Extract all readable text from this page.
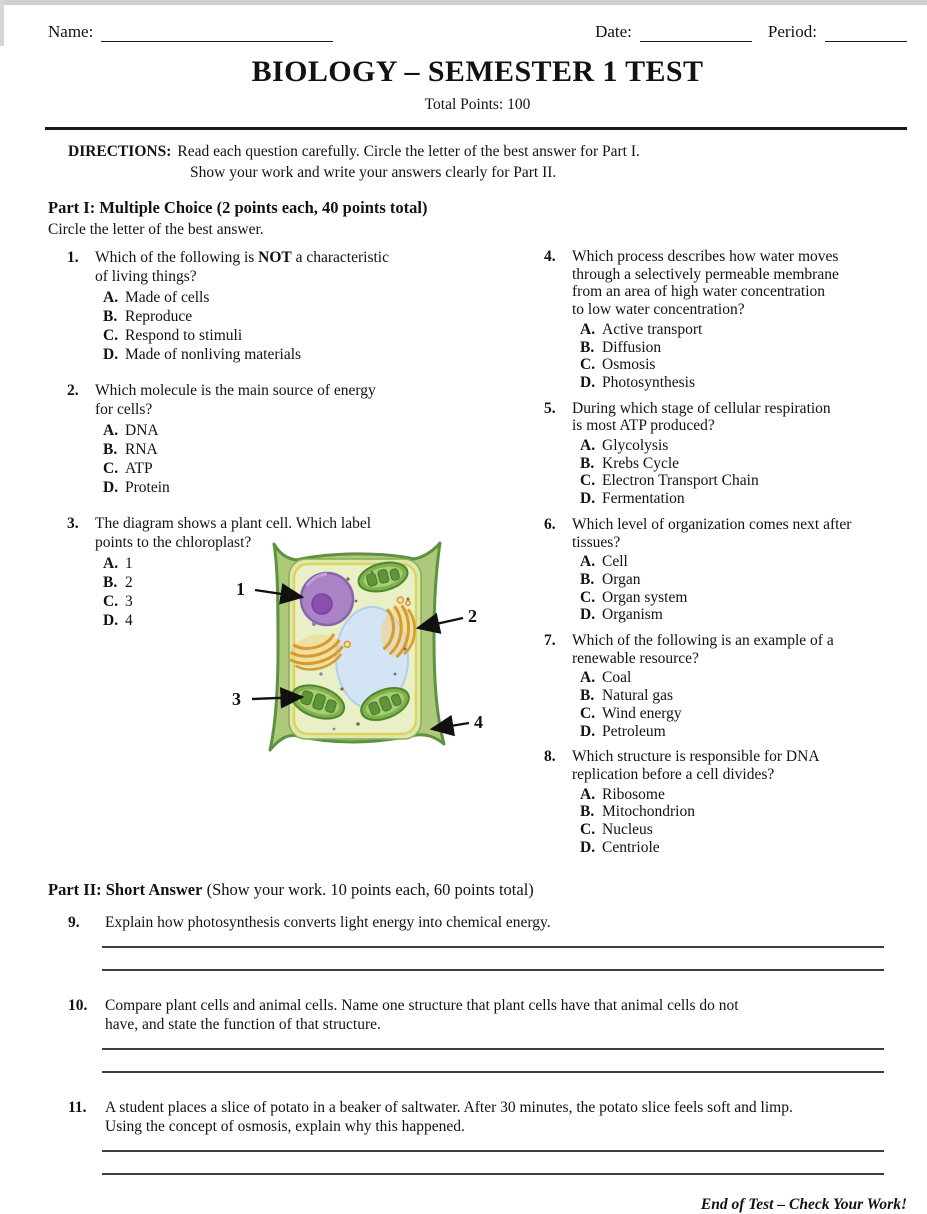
Name:	Date:	Period:
BIOLOGY – SEMESTER 1 TEST
Total Points: 100
DIRECTIONS: Read each question carefully. Circle the letter of the best answer for Part I.
Show your work and write your answers clearly for Part II.
Part I: Multiple Choice (2 points each, 40 points total)
Circle the letter of the best answer.
1.	Which of the following is NOT a characteristic
of living things?
A. Made of cells
B. Reproduce
C. Respond to stimuli
D. Made of nonliving materials
2.	Which molecule is the main source of energy
for cells?
A. DNA
B. RNA
C. ATP
D. Protein
3.	The diagram shows a plant cell. Which label
points to the chloroplast?
A. 1
B. 2
C. 3
D. 4
1
2
3
4
4.	Which process describes how water moves
through a selectively permeable membrane
from an area of high water concentration
to low water concentration?
A. Active transport
B. Diffusion
C. Osmosis
D. Photosynthesis
5.	During which stage of cellular respiration
is most ATP produced?
A. Glycolysis
B. Krebs Cycle
C. Electron Transport Chain
D. Fermentation
6.	Which level of organization comes next after
tissues?
A. Cell
B. Organ
C. Organ system
D. Organism
7.	Which of the following is an example of a
renewable resource?
A. Coal
B. Natural gas
C. Wind energy
D. Petroleum
8.	Which structure is responsible for DNA
replication before a cell divides?
A. Ribosome
B. Mitochondrion
C. Nucleus
D. Centriole
Part II: Short Answer (Show your work. 10 points each, 60 points total)
9.	Explain how photosynthesis converts light energy into chemical energy.
10.	Compare plant cells and animal cells. Name one structure that plant cells have that animal cells do not
have, and state the function of that structure.
11.	A student places a slice of potato in a beaker of saltwater. After 30 minutes, the potato slice feels soft and limp.
Using the concept of osmosis, explain why this happened.
End of Test – Check Your Work!
